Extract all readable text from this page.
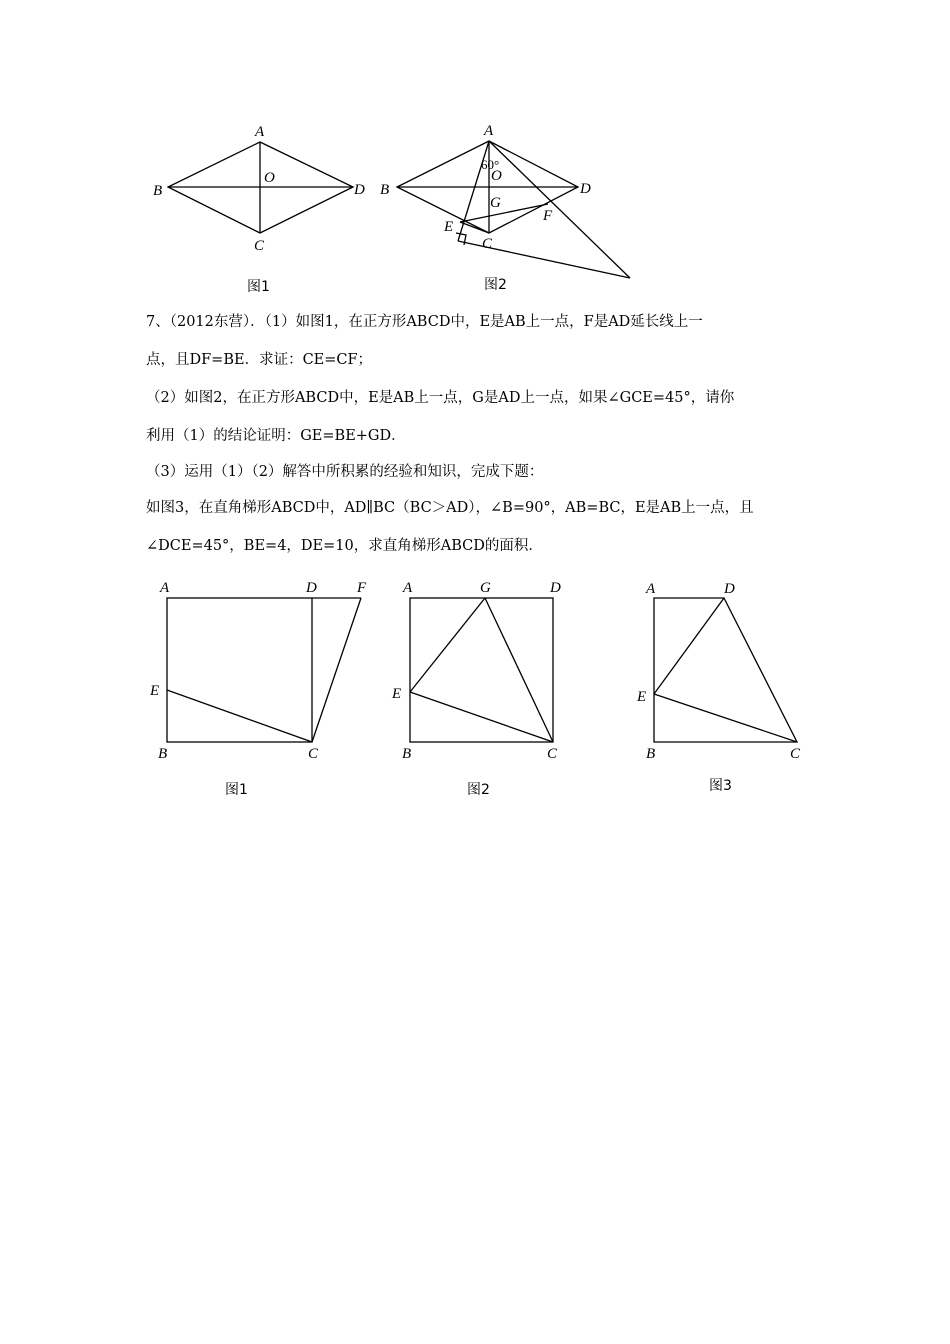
A
B
C
D
O
图1
A
B
C
D
O
G
E
F
60°
图2
A	D	F
E
B	C
图1
A	G	D
E
B	C
图2
A	D
E
B	C
图3

7、（2012东营）．（1）如图1，在正方形ABCD中，E是AB上一点，F是AD延长线上一

点，且DF=BE．求证：CE=CF；

（2）如图2，在正方形ABCD中，E是AB上一点，G是AD上一点，如果∠GCE=45°，请你

利用（1）的结论证明：GE=BE+GD．

（3）运用（1）（2）解答中所积累的经验和知识，完成下题：

如图3，在直角梯形ABCD中，AD∥BC（BC＞AD），∠B=90°，AB=BC，E是AB上一点，且

∠DCE=45°，BE=4，DE=10，求直角梯形ABCD的面积．
